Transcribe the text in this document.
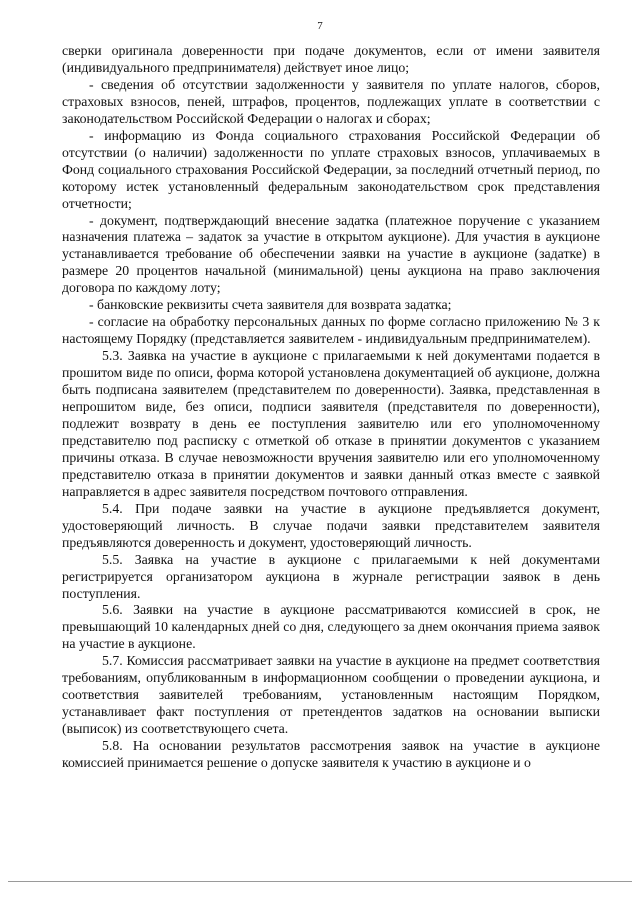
7

сверки оригинала доверенности при подаче документов, если от имени заявителя (индивидуального предпринимателя) действует иное лицо;

- сведения об отсутствии задолженности у заявителя по уплате налогов, сборов, страховых взносов, пеней, штрафов, процентов, подлежащих уплате в соответствии с законодательством Российской Федерации о налогах и сборах;

- информацию из Фонда социального страхования Российской Федерации об отсутствии (о наличии) задолженности по уплате страховых взносов, уплачиваемых в Фонд социального страхования Российской Федерации, за последний отчетный период, по которому истек установленный федеральным законодательством срок представления отчетности;

- документ, подтверждающий внесение задатка (платежное поручение с указанием назначения платежа – задаток за участие в открытом аукционе). Для участия в аукционе устанавливается требование об обеспечении заявки на участие в аукционе (задатке) в размере 20 процентов начальной (минимальной) цены аукциона на право заключения договора по каждому лоту;

- банковские реквизиты счета заявителя для возврата задатка;

- согласие на обработку персональных данных по форме согласно приложению № 3 к настоящему Порядку (представляется заявителем - индивидуальным предпринимателем).

5.3. Заявка на участие в аукционе с прилагаемыми к ней документами подается в прошитом виде по описи, форма которой установлена документацией об аукционе, должна быть подписана заявителем (представителем по доверенности). Заявка, представленная в непрошитом виде, без описи, подписи заявителя (представителя по доверенности), подлежит возврату в день ее поступления заявителю или его уполномоченному представителю под расписку с отметкой об отказе в принятии документов с указанием причины отказа. В случае невозможности вручения заявителю или его уполномоченному представителю отказа в принятии документов и заявки данный отказ вместе с заявкой направляется в адрес заявителя посредством почтового отправления.

5.4. При подаче заявки на участие в аукционе предъявляется документ, удостоверяющий личность. В случае подачи заявки представителем заявителя предъявляются доверенность и документ, удостоверяющий личность.

5.5. Заявка на участие в аукционе с прилагаемыми к ней документами регистрируется организатором аукциона в журнале регистрации заявок в день поступления.

5.6. Заявки на участие в аукционе рассматриваются комиссией в срок, не превышающий 10 календарных дней со дня, следующего за днем окончания приема заявок на участие в аукционе.

5.7. Комиссия рассматривает заявки на участие в аукционе на предмет соответствия требованиям, опубликованным в информационном сообщении о проведении аукциона, и соответствия заявителей требованиям, установленным настоящим Порядком, устанавливает факт поступления от претендентов задатков на основании выписки (выписок) из соответствующего счета.

5.8. На основании результатов рассмотрения заявок на участие в аукционе комиссией принимается решение о допуске заявителя к участию в аукционе и о
